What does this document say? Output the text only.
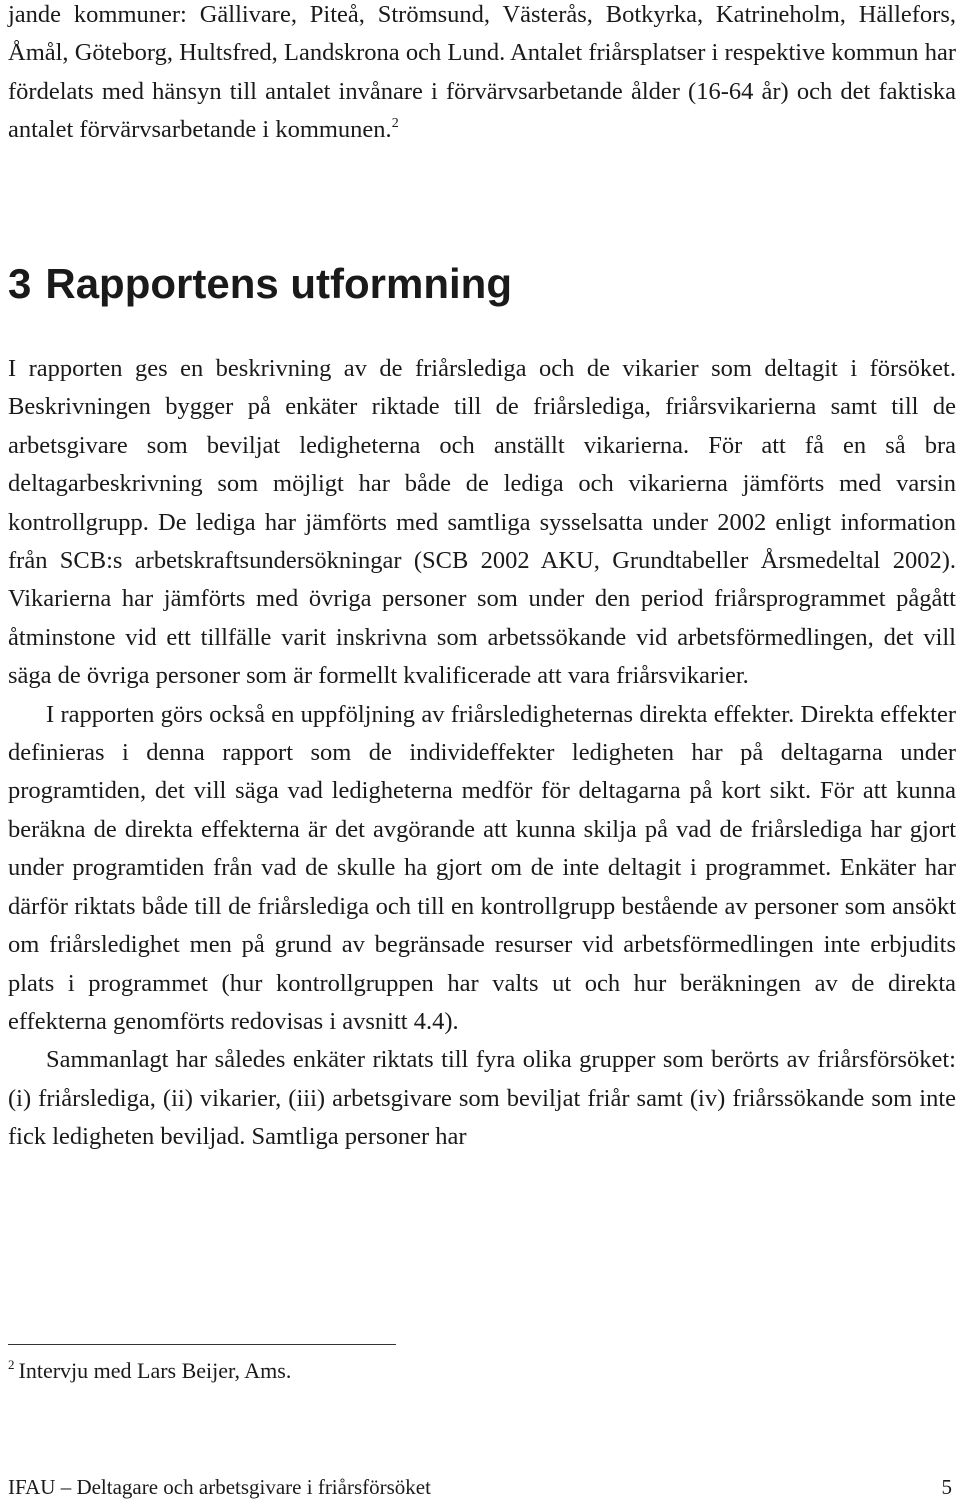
jande kommuner: Gällivare, Piteå, Strömsund, Västerås, Botkyrka, Katrineholm, Hällefors, Åmål, Göteborg, Hultsfred, Landskrona och Lund. Antalet friårsplatser i respektive kommun har fördelats med hänsyn till antalet invånare i förvärvsarbetande ålder (16-64 år) och det faktiska antalet förvärvsarbetande i kommunen.$^2$

3 Rapportens utformning

I rapporten ges en beskrivning av de friårslediga och de vikarier som deltagit i försöket. Beskrivningen bygger på enkäter riktade till de friårslediga, friårsvikarierna samt till de arbetsgivare som beviljat ledigheterna och anställt vikarierna. För att få en så bra deltagarbeskrivning som möjligt har både de lediga och vikarierna jämförts med varsin kontrollgrupp. De lediga har jämförts med samtliga sysselsatta under 2002 enligt information från SCB:s arbetskraftsundersökningar (SCB 2002 AKU, Grundtabeller Årsmedeltal 2002). Vikarierna har jämförts med övriga personer som under den period friårsprogrammet pågått åtminstone vid ett tillfälle varit inskrivna som arbetssökande vid arbetsförmedlingen, det vill säga de övriga personer som är formellt kvalificerade att vara friårsvikarier.

I rapporten görs också en uppföljning av friårsledigheternas direkta effekter. Direkta effekter definieras i denna rapport som de individeffekter ledigheten har på deltagarna under programtiden, det vill säga vad ledigheterna medför för deltagarna på kort sikt. För att kunna beräkna de direkta effekterna är det avgörande att kunna skilja på vad de friårslediga har gjort under programtiden från vad de skulle ha gjort om de inte deltagit i programmet. Enkäter har därför riktats både till de friårslediga och till en kontrollgrupp bestående av personer som ansökt om friårsledighet men på grund av begränsade resurser vid arbetsförmedlingen inte erbjudits plats i programmet (hur kontrollgruppen har valts ut och hur beräkningen av de direkta effekterna genomförts redovisas i avsnitt 4.4).

Sammanlagt har således enkäter riktats till fyra olika grupper som berörts av friårsförsöket: (i) friårslediga, (ii) vikarier, (iii) arbetsgivare som beviljat friår samt (iv) friårssökande som inte fick ledigheten beviljad. Samtliga personer har

$^2$ Intervju med Lars Beijer, Ams.
IFAU – Deltagare och arbetsgivare i friårsförsöket	5
